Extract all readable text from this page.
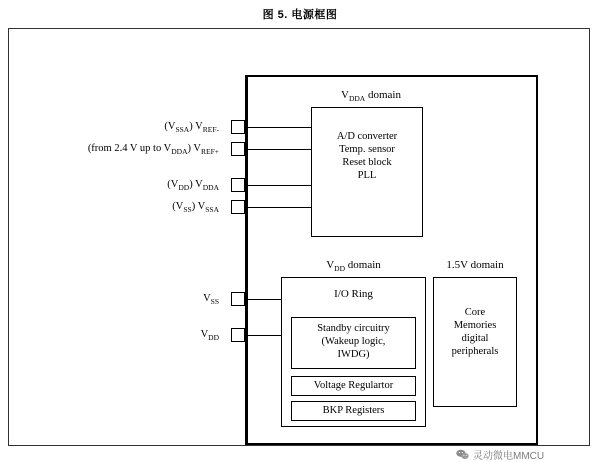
图 5. 电源框图
$(V_{SSA})$ $V_{REF-}$
(from 2.4 V up to $V_{DDA}$) $V_{REF+}$
$(V_{DD})$ $V_{DDA}$
$(V_{SS})$ $V_{SSA}$
$V_{SS}$
$V_{DD}$
$V_{DDA}$ domain
A/D converter
Temp. sensor
Reset block
PLL
$V_{DD}$ domain
I/O Ring
Standby circuitry
(Wakeup logic,
IWDG)
Voltage Regulartor
BKP Registers
1.5V domain
Core
Memories
digital
peripherals
灵动微电MMCU
